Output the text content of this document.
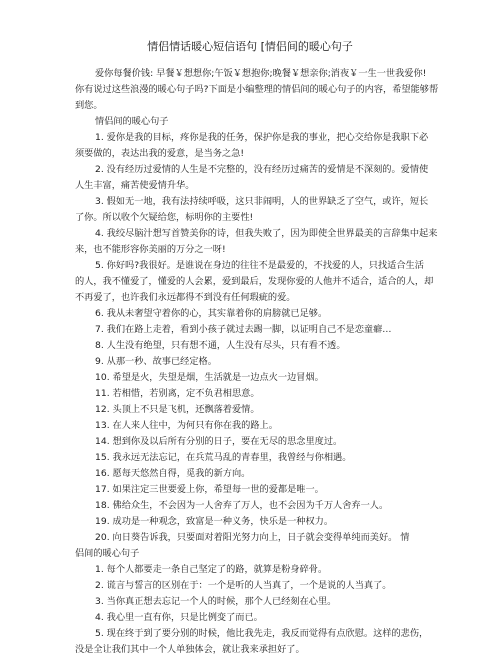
情侣情话暖心短信语句 [情侣间的暖心句子
爱你每餐价钱: 早餐￥想想你;午饭￥想抱你;晚餐￥想亲你;消夜￥一生一世我爱你!
你有说过这些浪漫的暖心句子吗?下面是小编整理的情侣间的暖心句子的内容，希望能够帮
到您。
情侣间的暖心句子
1. 爱你是我的目标，疼你是我的任务，保护你是我的事业，把心交给你是我职下必
须要做的，表达出我的爱意，是当务之急!
2. 没有经历过爱情的人生是不完整的，没有经历过痛苦的爱情是不深刻的。爱情使
人生丰富，痛苦使爱情升华。
3. 假如无一地，我有法持续呼吸，这只非闹明，人的世界缺乏了空气，或许，短长
了你。所以收个欠疑给您，标明你的主要性!
4. 我绞尽脑汁想写首赞美你的诗，但我失败了，因为即使全世界最美的言辞集中起来
来，也不能形容你美丽的万分之一呀!
5. 你好吗?我很好。是谁说在身边的往往不是最爱的，不找爱的人，只找适合生活
的人，我不懂爱了，懂爱的人会累，爱到最后，发现你爱的人他并不适合，适合的人，却
不再爱了，也许我们永远都得不到没有任何瑕疵的爱。
6. 我从未奢望守着你的心，其实靠着你的肩膀就已足够。
7. 我们在路上走着，看到小孩子就过去踢一脚，以证明自己不是恋童癖…
8. 人生没有绝望，只有想不通，人生没有尽头，只有看不透。
9. 从那一秒、故事已经定格。
10. 希望是火，失望是烟，生活就是一边点火一边冒烟。
11. 若相惜，若别离，定不负君相思意。
12. 头顶上不只是飞机，还飘落着爱情。
13. 在人来人往中，为何只有你在我的路上。
14. 想到你及以后所有分别的日子，要在无尽的思念里度过。
15. 我永远无法忘记，在兵荒马乱的青春里，我曾经与你相遇。
16. 愿每天悠然自得，觅我的新方向。
17. 如果注定三世要爱上你，希望每一世的爱都是唯一。
18. 佛给众生，不会因为一人舍弃了万人，也不会因为千万人舍弃一人。
19. 成功是一种观念，致富是一种义务，快乐是一种权力。
20. 向日葵告诉我，只要面对着阳光努力向上，日子就会变得单纯而美好。 情
侣间的暖心句子
1. 每个人都要走一条自己坚定了的路，就算是粉身碎骨。
2. 谎言与誓言的区别在于：一个是听的人当真了，一个是说的人当真了。
3. 当你真正想去忘记一个人的时候，那个人已经刻在心里。
4. 我心里一直有你，只是比例变了而已。
5. 现在终于到了要分别的时候，他比我先走，我反而觉得有点欣慰。这样的悲伤，
没是全让我们其中一个人单独体会，就让我来承担好了。
